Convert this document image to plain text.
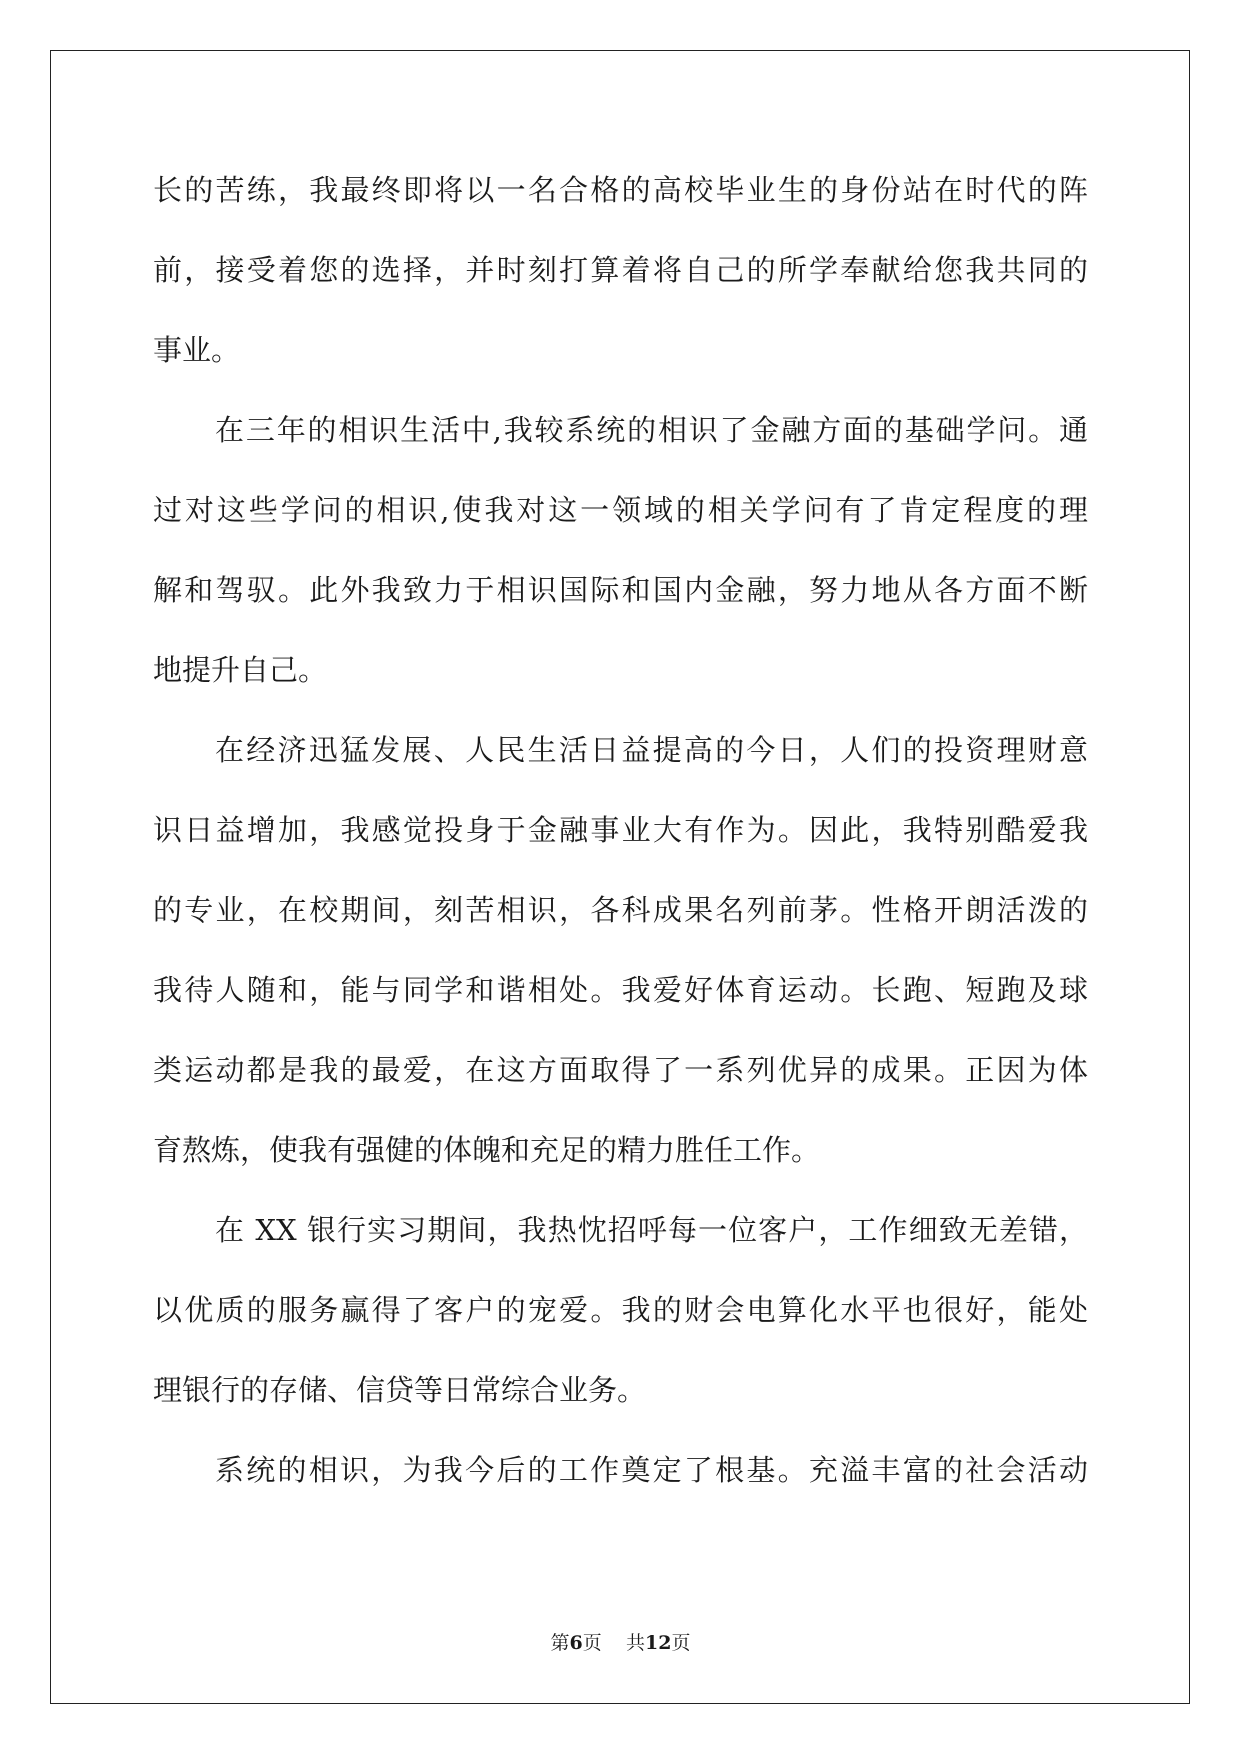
长的苦练，我最终即将以一名合格的高校毕业生的身份站在时代的阵
前，接受着您的选择，并时刻打算着将自己的所学奉献给您我共同的
事业。
在三年的相识生活中,我较系统的相识了金融方面的基础学问。通
过对这些学问的相识,使我对这一领域的相关学问有了肯定程度的理
解和驾驭。此外我致力于相识国际和国内金融，努力地从各方面不断
地提升自己。
在经济迅猛发展、人民生活日益提高的今日，人们的投资理财意
识日益增加，我感觉投身于金融事业大有作为。因此，我特别酷爱我
的专业，在校期间，刻苦相识，各科成果名列前茅。性格开朗活泼的
我待人随和，能与同学和谐相处。我爱好体育运动。长跑、短跑及球
类运动都是我的最爱，在这方面取得了一系列优异的成果。正因为体
育熬炼，使我有强健的体魄和充足的精力胜任工作。
在 XX 银行实习期间，我热忱招呼每一位客户，工作细致无差错，
以优质的服务赢得了客户的宠爱。我的财会电算化水平也很好，能处
理银行的存储、信贷等日常综合业务。
系统的相识，为我今后的工作奠定了根基。充溢丰富的社会活动
第6页 共12页
